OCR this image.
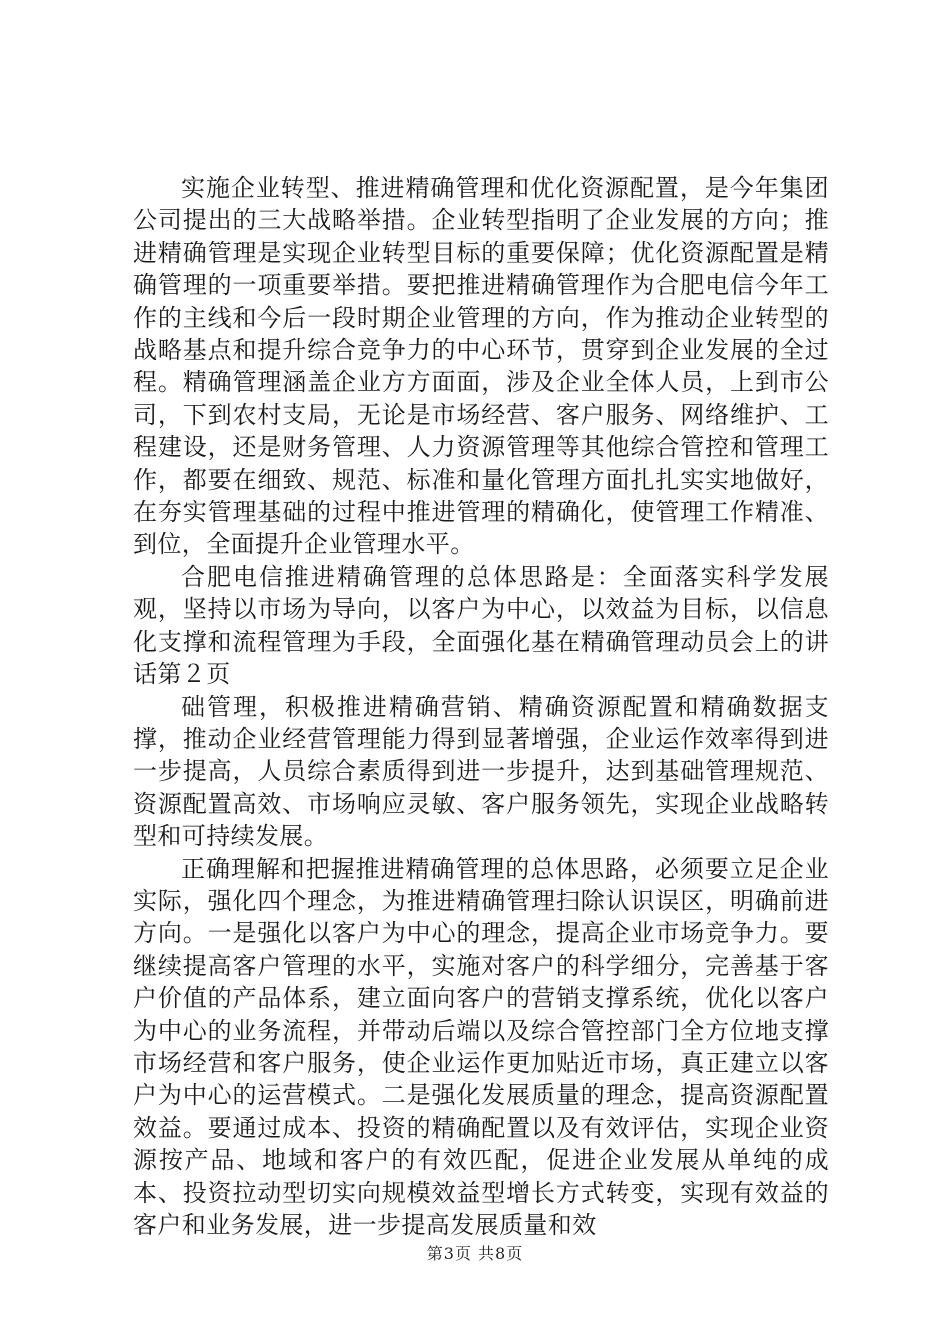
实施企业转型、推进精确管理和优化资源配置，是今年集团公司提出的三大战略举措。企业转型指明了企业发展的方向；推进精确管理是实现企业转型目标的重要保障；优化资源配置是精确管理的一项重要举措。要把推进精确管理作为合肥电信今年工作的主线和今后一段时期企业管理的方向，作为推动企业转型的战略基点和提升综合竞争力的中心环节，贯穿到企业发展的全过程。精确管理涵盖企业方方面面，涉及企业全体人员，上到市公司，下到农村支局，无论是市场经营、客户服务、网络维护、工程建设，还是财务管理、人力资源管理等其他综合管控和管理工作，都要在细致、规范、标准和量化管理方面扎扎实实地做好，在夯实管理基础的过程中推进管理的精确化，使管理工作精准、到位，全面提升企业管理水平。

合肥电信推进精确管理的总体思路是：全面落实科学发展观，坚持以市场为导向，以客户为中心，以效益为目标，以信息化支撑和流程管理为手段，全面强化基在精确管理动员会上的讲话第２页

础管理，积极推进精确营销、精确资源配置和精确数据支撑，推动企业经营管理能力得到显著增强，企业运作效率得到进一步提高，人员综合素质得到进一步提升，达到基础管理规范、资源配置高效、市场响应灵敏、客户服务领先，实现企业战略转型和可持续发展。

正确理解和把握推进精确管理的总体思路，必须要立足企业实际，强化四个理念，为推进精确管理扫除认识误区，明确前进方向。一是强化以客户为中心的理念，提高企业市场竞争力。要继续提高客户管理的水平，实施对客户的科学细分，完善基于客户价值的产品体系，建立面向客户的营销支撑系统，优化以客户为中心的业务流程，并带动后端以及综合管控部门全方位地支撑市场经营和客户服务，使企业运作更加贴近市场，真正建立以客户为中心的运营模式。二是强化发展质量的理念，提高资源配置效益。要通过成本、投资的精确配置以及有效评估，实现企业资源按产品、地域和客户的有效匹配，促进企业发展从单纯的成本、投资拉动型切实向规模效益型增长方式转变，实现有效益的客户和业务发展，进一步提高发展质量和效

第3页 共8页
